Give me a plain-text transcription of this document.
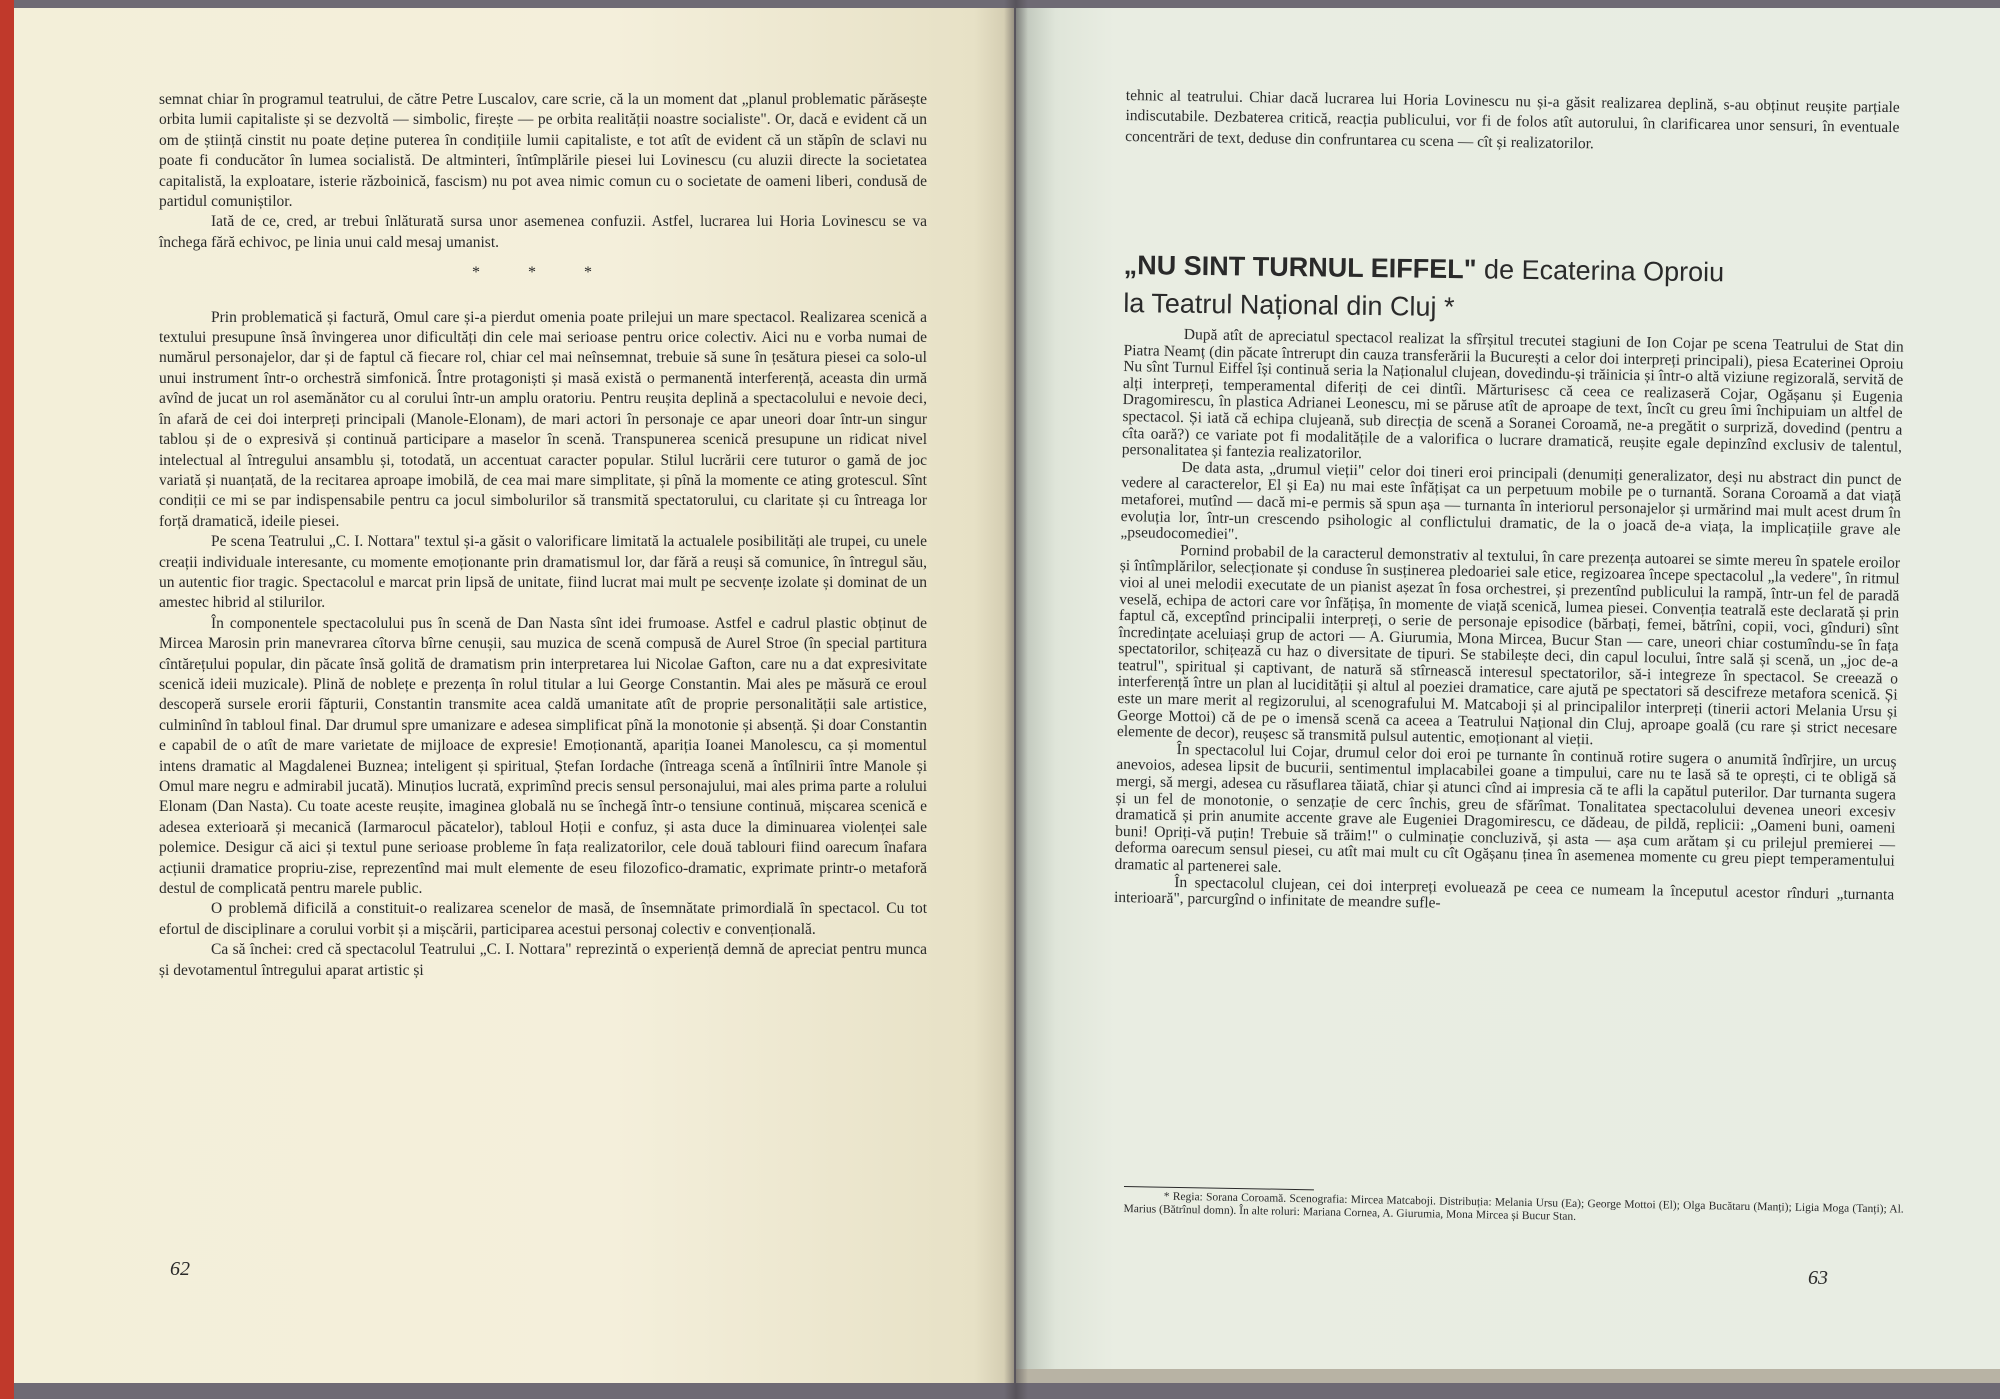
semnat chiar în programul teatrului, de către Petre Luscalov, care scrie, că la un moment dat „planul problematic părăsește orbita lumii capitaliste și se dezvoltă — simbolic, firește — pe orbita realității noastre socialiste". Or, dacă e evident că un om de știință cinstit nu poate deține puterea în condițiile lumii capitaliste, e tot atît de evident că un stăpîn de sclavi nu poate fi conducător în lumea socialistă. De altminteri, întîmplările piesei lui Lovinescu (cu aluzii directe la societatea capitalistă, la exploatare, isterie războinică, fascism) nu pot avea nimic comun cu o societate de oameni liberi, condusă de partidul comuniștilor.

Iată de ce, cred, ar trebui înlăturată sursa unor asemenea confuzii. Astfel, lucrarea lui Horia Lovinescu se va închega fără echivoc, pe linia unui cald mesaj umanist.

* * *

Prin problematică și factură, Omul care și-a pierdut omenia poate prilejui un mare spectacol. Realizarea scenică a textului presupune însă învingerea unor dificultăți din cele mai serioase pentru orice colectiv. Aici nu e vorba numai de numărul personajelor, dar și de faptul că fiecare rol, chiar cel mai neînsemnat, trebuie să sune în țesătura piesei ca solo-ul unui instrument într-o orchestră simfonică. Între protagoniști și masă există o permanentă interferență, aceasta din urmă avînd de jucat un rol asemănător cu al corului într-un amplu oratoriu. Pentru reușita deplină a spectacolului e nevoie deci, în afară de cei doi interpreți principali (Manole-Elonam), de mari actori în personaje ce apar uneori doar într-un singur tablou și de o expresivă și continuă participare a maselor în scenă. Transpunerea scenică presupune un ridicat nivel intelectual al întregului ansamblu și, totodată, un accentuat caracter popular. Stilul lucrării cere tuturor o gamă de joc variată și nuanțată, de la recitarea aproape imobilă, de cea mai mare simplitate, și pînă la momente ce ating grotescul. Sînt condiții ce mi se par indispensabile pentru ca jocul simbolurilor să transmită spectatorului, cu claritate și cu întreaga lor forță dramatică, ideile piesei.

Pe scena Teatrului „C. I. Nottara" textul și-a găsit o valorificare limitată la actualele posibilități ale trupei, cu unele creații individuale interesante, cu momente emoționante prin dramatismul lor, dar fără a reuși să comunice, în întregul său, un autentic fior tragic. Spectacolul e marcat prin lipsă de unitate, fiind lucrat mai mult pe secvențe izolate și dominat de un amestec hibrid al stilurilor.

În componentele spectacolului pus în scenă de Dan Nasta sînt idei frumoase. Astfel e cadrul plastic obținut de Mircea Marosin prin manevrarea cîtorva bîrne cenușii, sau muzica de scenă compusă de Aurel Stroe (în special partitura cîntărețului popular, din păcate însă golită de dramatism prin interpretarea lui Nicolae Gafton, care nu a dat expresivitate scenică ideii muzicale). Plină de noblețe e prezența în rolul titular a lui George Constantin. Mai ales pe măsură ce eroul descoperă sursele erorii făpturii, Constantin transmite acea caldă umanitate atît de proprie personalității sale artistice, culminînd în tabloul final. Dar drumul spre umanizare e adesea simplificat pînă la monotonie și absență. Și doar Constantin e capabil de o atît de mare varietate de mijloace de expresie! Emoționantă, apariția Ioanei Manolescu, ca și momentul intens dramatic al Magdalenei Buznea; inteligent și spiritual, Ștefan Iordache (întreaga scenă a întîlnirii între Manole și Omul mare negru e admirabil jucată). Minuțios lucrată, exprimînd precis sensul personajului, mai ales prima parte a rolului Elonam (Dan Nasta). Cu toate aceste reușite, imaginea globală nu se închegă într-o tensiune continuă, mișcarea scenică e adesea exterioară și mecanică (Iarmarocul păcatelor), tabloul Hoții e confuz, și asta duce la diminuarea violenței sale polemice. Desigur că aici și textul pune serioase probleme în fața realizatorilor, cele două tablouri fiind oarecum înafara acțiunii dramatice propriu-zise, reprezentînd mai mult elemente de eseu filozofico-dramatic, exprimate printr-o metaforă destul de complicată pentru marele public.

O problemă dificilă a constituit-o realizarea scenelor de masă, de însemnătate primordială în spectacol. Cu tot efortul de disciplinare a corului vorbit și a mișcării, participarea acestui personaj colectiv e convențională.

Ca să închei: cred că spectacolul Teatrului „C. I. Nottara" reprezintă o experiență demnă de apreciat pentru munca și devotamentul întregului aparat artistic și

62

tehnic al teatrului. Chiar dacă lucrarea lui Horia Lovinescu nu și-a găsit realizarea deplină, s-au obținut reușite parțiale indiscutabile. Dezbaterea critică, reacția publicului, vor fi de folos atît autorului, în clarificarea unor sensuri, în eventuale concentrări de text, deduse din confruntarea cu scena — cît și realizatorilor.

„NU SINT TURNUL EIFFEL" de Ecaterina Oproiu
la Teatrul Național din Cluj *

După atît de apreciatul spectacol realizat la sfîrșitul trecutei stagiuni de Ion Cojar pe scena Teatrului de Stat din Piatra Neamț (din păcate întrerupt din cauza transferării la București a celor doi interpreți principali), piesa Ecaterinei Oproiu Nu sînt Turnul Eiffel își continuă seria la Naționalul clujean, dovedindu-și trăinicia și într-o altă viziune regizorală, servită de alți interpreți, temperamental diferiți de cei dintîi. Mărturisesc că ceea ce realizaseră Cojar, Ogășanu și Eugenia Dragomirescu, în plastica Adrianei Leonescu, mi se păruse atît de aproape de text, încît cu greu îmi închipuiam un altfel de spectacol. Și iată că echipa clujeană, sub direcția de scenă a Soranei Coroamă, ne-a pregătit o surpriză, dovedind (pentru a cîta oară?) ce variate pot fi modalitățile de a valorifica o lucrare dramatică, reușite egale depinzînd exclusiv de talentul, personalitatea și fantezia realizatorilor.

De data asta, „drumul vieții" celor doi tineri eroi principali (denumiți generalizator, deși nu abstract din punct de vedere al caracterelor, El și Ea) nu mai este înfățișat ca un perpetuum mobile pe o turnantă. Sorana Coroamă a dat viață metaforei, mutînd — dacă mi-e permis să spun așa — turnanta în interiorul personajelor și urmărind mai mult acest drum în evoluția lor, într-un crescendo psihologic al conflictului dramatic, de la o joacă de-a viața, la implicațiile grave ale „pseudocomediei".

Pornind probabil de la caracterul demonstrativ al textului, în care prezența autoarei se simte mereu în spatele eroilor și întîmplărilor, selecționate și conduse în susținerea pledoariei sale etice, regizoarea începe spectacolul „la vedere", în ritmul vioi al unei melodii executate de un pianist așezat în fosa orchestrei, și prezentînd publicului la rampă, într-un fel de paradă veselă, echipa de actori care vor înfățișa, în momente de viață scenică, lumea piesei. Convenția teatrală este declarată și prin faptul că, exceptînd principalii interpreți, o serie de personaje episodice (bărbați, femei, bătrîni, copii, voci, gînduri) sînt încredințate aceluiași grup de actori — A. Giurumia, Mona Mircea, Bucur Stan — care, uneori chiar costumîndu-se în fața spectatorilor, schițează cu haz o diversitate de tipuri. Se stabilește deci, din capul locului, între sală și scenă, un „joc de-a teatrul", spiritual și captivant, de natură să stîrnească interesul spectatorilor, să-i integreze în spectacol. Se creează o interferență între un plan al lucidității și altul al poeziei dramatice, care ajută pe spectatori să descifreze metafora scenică. Și este un mare merit al regizorului, al scenografului M. Matcaboji și al principalilor interpreți (tinerii actori Melania Ursu și George Mottoi) că de pe o imensă scenă ca aceea a Teatrului Național din Cluj, aproape goală (cu rare și strict necesare elemente de decor), reușesc să transmită pulsul autentic, emoționant al vieții.

În spectacolul lui Cojar, drumul celor doi eroi pe turnante în continuă rotire sugera o anumită îndîrjire, un urcuș anevoios, adesea lipsit de bucurii, sentimentul implacabilei goane a timpului, care nu te lasă să te oprești, ci te obligă să mergi, să mergi, adesea cu răsuflarea tăiată, chiar și atunci cînd ai impresia că te afli la capătul puterilor. Dar turnanta sugera și un fel de monotonie, o senzație de cerc închis, greu de sfărîmat. Tonalitatea spectacolului devenea uneori excesiv dramatică și prin anumite accente grave ale Eugeniei Dragomirescu, ce dădeau, de pildă, replicii: „Oameni buni, oameni buni! Opriți-vă puțin! Trebuie să trăim!" o culminație concluzivă, și asta — așa cum arătam și cu prilejul premierei — deforma oarecum sensul piesei, cu atît mai mult cu cît Ogășanu ținea în asemenea momente cu greu piept temperamentului dramatic al partenerei sale.

În spectacolul clujean, cei doi interpreți evoluează pe ceea ce numeam la începutul acestor rînduri „turnanta interioară", parcurgînd o infinitate de meandre sufle-

* Regia: Sorana Coroamă. Scenografia: Mircea Matcaboji. Distribuția: Melania Ursu (Ea); George Mottoi (El); Olga Bucătaru (Manți); Ligia Moga (Tanți); Al. Marius (Bătrînul domn). În alte roluri: Mariana Cornea, A. Giurumia, Mona Mircea și Bucur Stan.

63
